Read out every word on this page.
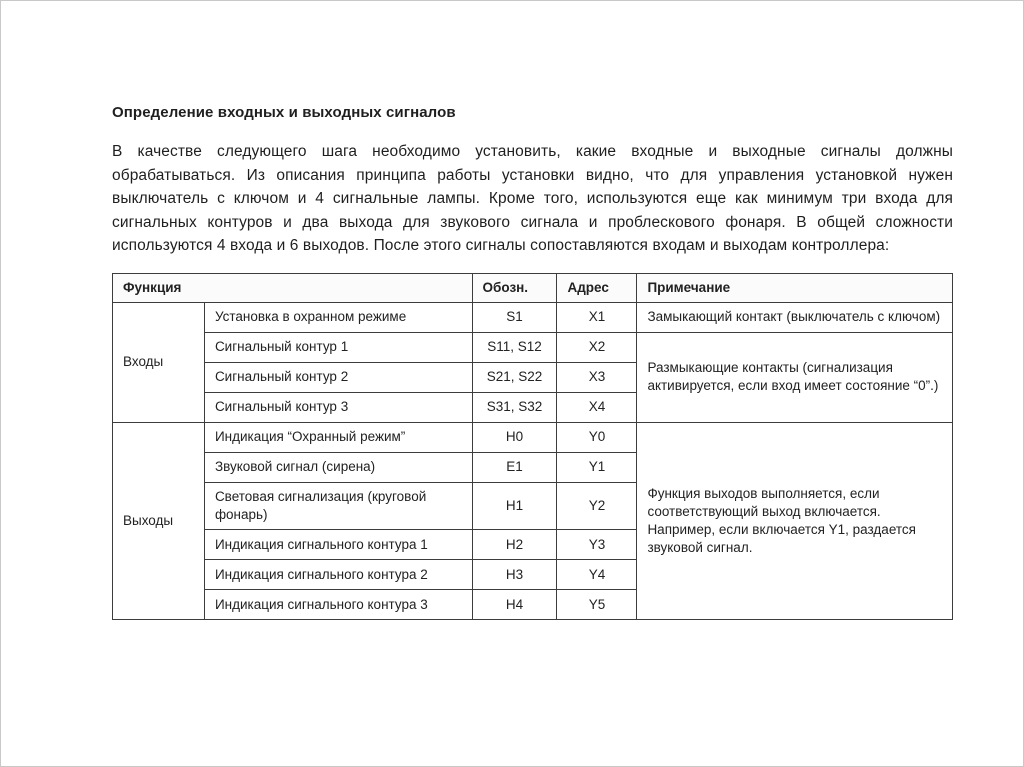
Определение входных и выходных сигналов
В качестве следующего шага необходимо установить, какие входные и выходные сигналы должны обрабатываться. Из описания принципа работы установки видно, что для управления установкой нужен выключатель с ключом и 4 сигнальные лампы. Кроме того, используются еще как минимум три входа для сигнальных контуров и два выхода для звукового сигнала и проблескового фонаря. В общей сложности используются 4 входа и 6 выходов. После этого сигналы сопоставляются входам и выходам контроллера:
Функция		Обозн.	Адрес	Примечание
Входы	Установка в охранном режиме	S1	X1	Замыкающий контакт (выключатель с ключом)
	Сигнальный контур 1	S11, S12	X2	Размыкающие контакты (сигнализация активируется, если вход имеет состояние “0”.)
	Сигнальный контур 2	S21, S22	X3	
	Сигнальный контур 3	S31, S32	X4	
Выходы	Индикация “Охранный режим”	H0	Y0	Функция выходов выполняется, если соответствующий выход включается. Например, если включается Y1, раздается звуковой сигнал.
	Звуковой сигнал (сирена)	E1	Y1	
	Световая сигнализация (круговой фонарь)	H1	Y2	
	Индикация сигнального контура 1	H2	Y3	
	Индикация сигнального контура 2	H3	Y4	
	Индикация сигнального контура 3	H4	Y5	
